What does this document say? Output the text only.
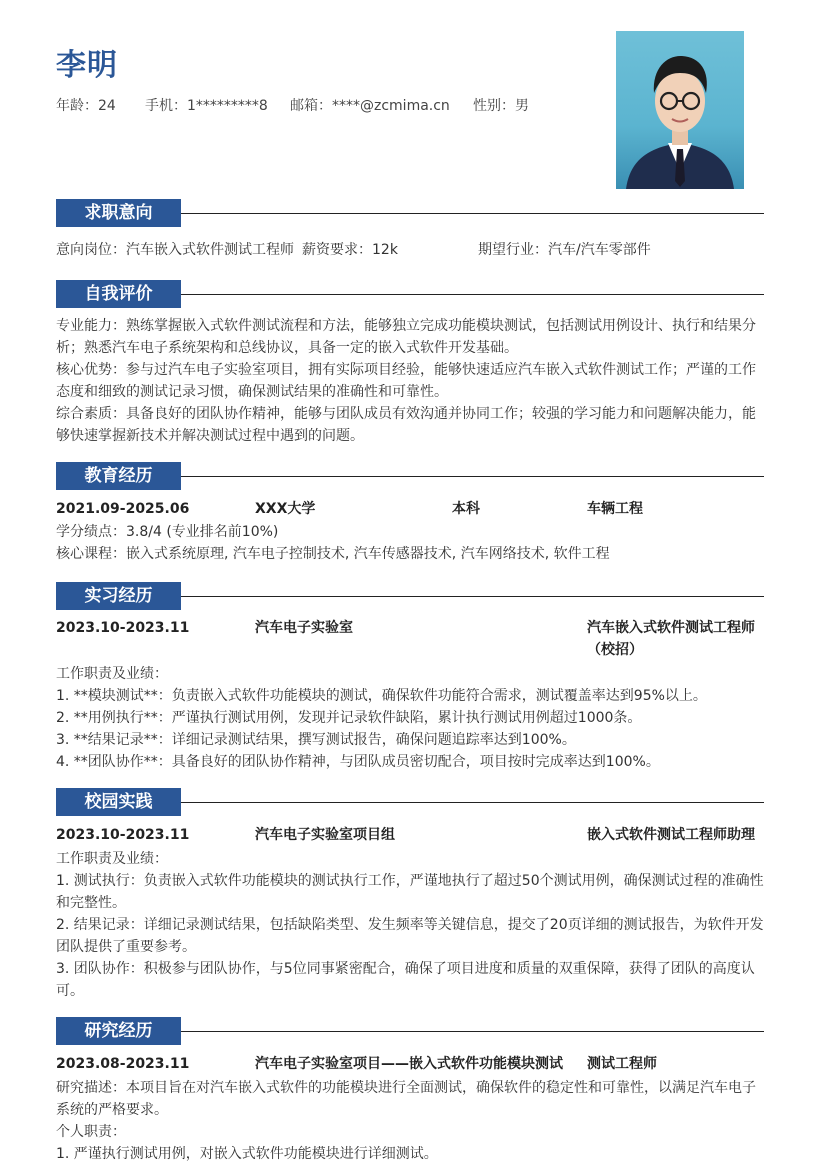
李明
年龄：24 手机：1*********8 邮箱：****@zcmima.cn 性别：男
求职意向
意向岗位：汽车嵌入式软件测试工程师 薪资要求：12k	期望行业：汽车/汽车零部件
自我评价

专业能力：熟练掌握嵌入式软件测试流程和方法，能够独立完成功能模块测试，包括测试用例设计、执行和结果分析；熟悉汽车电子系统架构和总线协议，具备一定的嵌入式软件开发基础。

核心优势：参与过汽车电子实验室项目，拥有实际项目经验，能够快速适应汽车嵌入式软件测试工作；严谨的工作态度和细致的测试记录习惯，确保测试结果的准确性和可靠性。

综合素质：具备良好的团队协作精神，能够与团队成员有效沟通并协同工作；较强的学习能力和问题解决能力，能够快速掌握新技术并解决测试过程中遇到的问题。

教育经历
2021.09-2025.06	XXX大学	本科	车辆工程
学分绩点：3.8/4 (专业排名前10%)
核心课程：嵌入式系统原理, 汽车电子控制技术, 汽车传感器技术, 汽车网络技术, 软件工程
实习经历
2023.10-2023.11	汽车电子实验室	汽车嵌入式软件测试工程师
（校招）

工作职责及业绩：

1. **模块测试**：负责嵌入式软件功能模块的测试，确保软件功能符合需求，测试覆盖率达到95%以上。

2. **用例执行**：严谨执行测试用例，发现并记录软件缺陷，累计执行测试用例超过1000条。

3. **结果记录**：详细记录测试结果，撰写测试报告，确保问题追踪率达到100%。

4. **团队协作**：具备良好的团队协作精神，与团队成员密切配合，项目按时完成率达到100%。

校园实践
2023.10-2023.11	汽车电子实验室项目组	嵌入式软件测试工程师助理

工作职责及业绩：

1. 测试执行：负责嵌入式软件功能模块的测试执行工作，严谨地执行了超过50个测试用例，确保测试过程的准确性和完整性。

2. 结果记录：详细记录测试结果，包括缺陷类型、发生频率等关键信息，提交了20页详细的测试报告，为软件开发团队提供了重要参考。

3. 团队协作：积极参与团队协作，与5位同事紧密配合，确保了项目进度和质量的双重保障，获得了团队的高度认可。

研究经历
2023.08-2023.11	汽车电子实验室项目——嵌入式软件功能模块测试 测试工程师

研究描述：本项目旨在对汽车嵌入式软件的功能模块进行全面测试，确保软件的稳定性和可靠性，以满足汽车电子系统的严格要求。

个人职责：

1. 严谨执行测试用例，对嵌入式软件功能模块进行详细测试。
